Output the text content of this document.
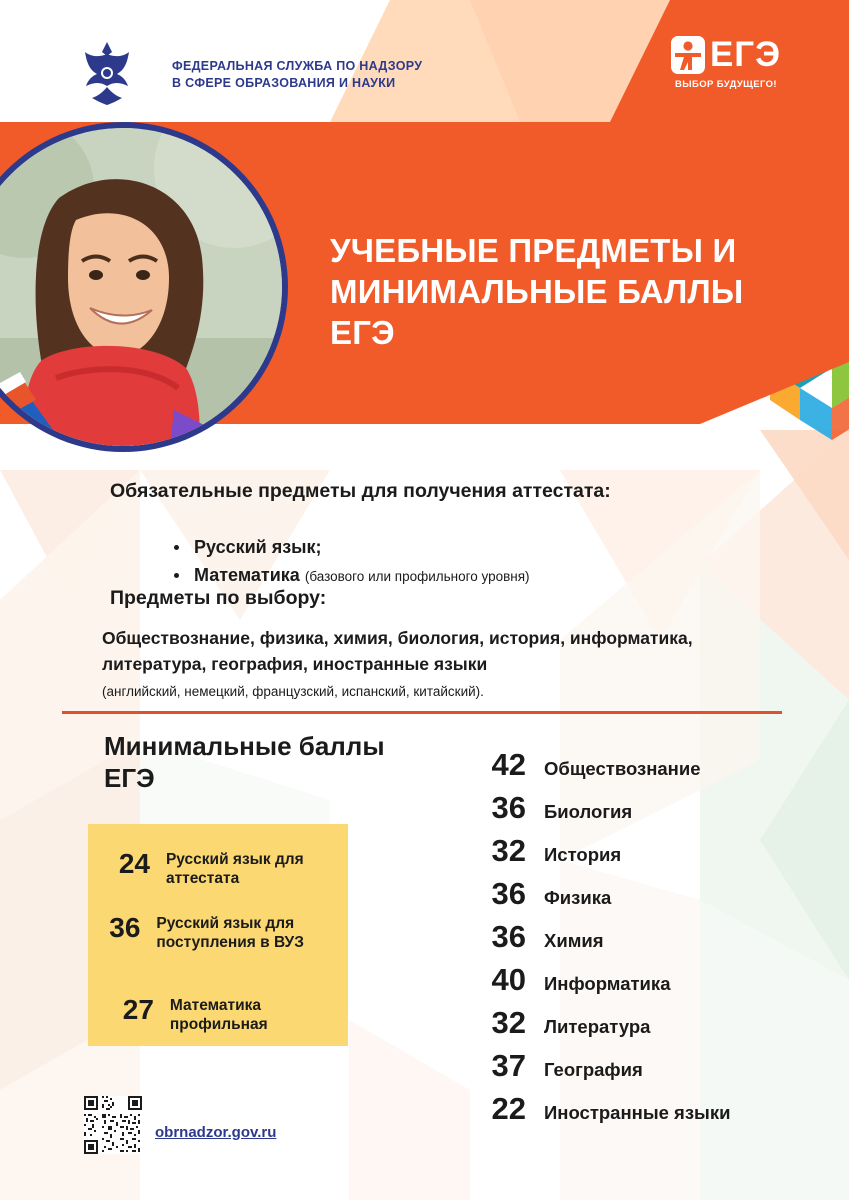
ФЕДЕРАЛЬНАЯ СЛУЖБА ПО НАДЗОРУ
В СФЕРЕ ОБРАЗОВАНИЯ И НАУКИ
ЕГЭ
ВЫБОР БУДУЩЕГО!
УЧЕБНЫЕ ПРЕДМЕТЫ И МИНИМАЛЬНЫЕ БАЛЛЫ ЕГЭ
Обязательные предметы для получения аттестата:
Русский язык;
Математика (базового или профильного уровня)
Предметы по выбору:
Обществознание, физика, химия, биология, история, информатика, литература, география, иностранные языки
(английский, немецкий, французский, испанский, китайский).
Минимальные баллы ЕГЭ
24 Русский язык для аттестата
36 Русский язык для поступления в ВУЗ
27 Математика профильная
42 Обществознание
36 Биология
32 История
36 Физика
36 Химия
40 Информатика
32 Литература
37 География
22 Иностранные языки
obrnadzor.gov.ru
